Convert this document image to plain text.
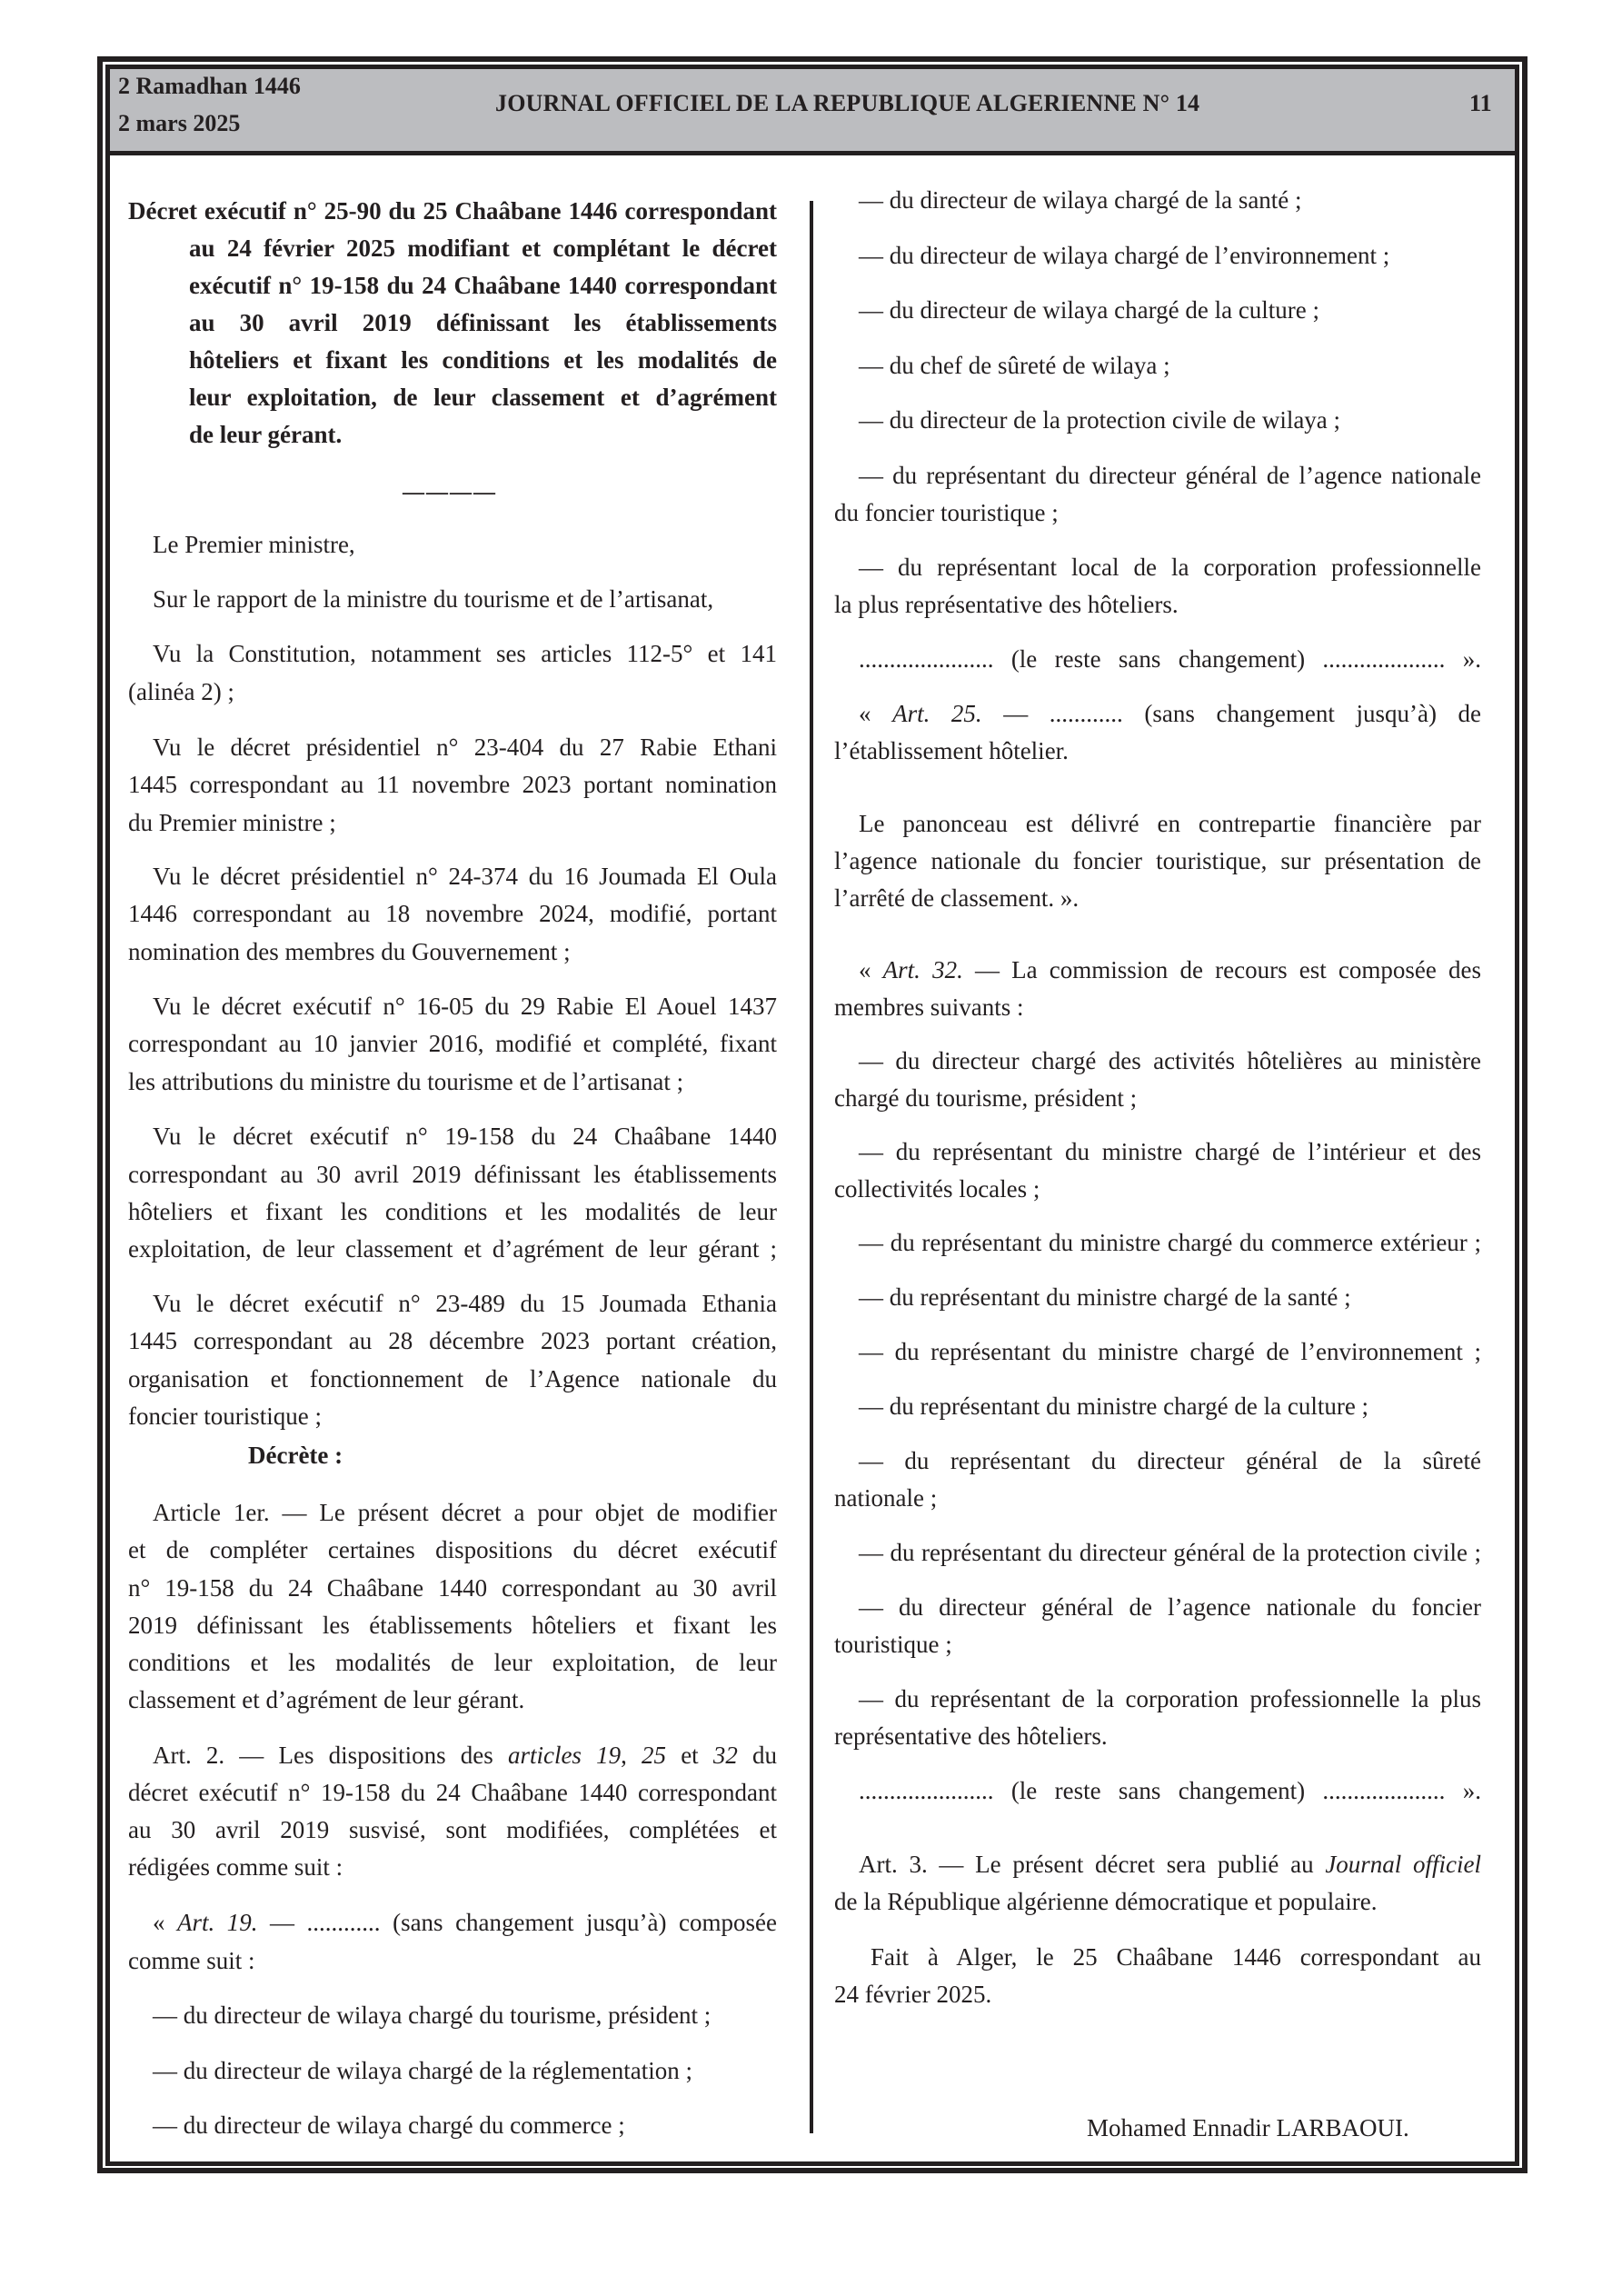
2 Ramadhan 1446
2 mars 2025
JOURNAL OFFICIEL DE LA REPUBLIQUE ALGERIENNE N° 14	11
Décret exécutif n° 25-90 du 25 Chaâbane 1446 correspondant
au 24 février 2025 modifiant et complétant le décret
exécutif n° 19-158 du 24 Chaâbane 1440 correspondant
au 30 avril 2019 définissant les établissements
hôteliers et fixant les conditions et les modalités de
leur exploitation, de leur classement et d’agrément
de leur gérant.
————
Le Premier ministre,
Sur le rapport de la ministre du tourisme et de l’artisanat,
Vu la Constitution, notamment ses articles 112-5° et 141
(alinéa 2) ;
Vu le décret présidentiel n° 23-404 du 27 Rabie Ethani
1445 correspondant au 11 novembre 2023 portant nomination
du Premier ministre ;
Vu le décret présidentiel n° 24-374 du 16 Joumada El Oula
1446 correspondant au 18 novembre 2024, modifié, portant
nomination des membres du Gouvernement ;
Vu le décret exécutif n° 16-05 du 29 Rabie El Aouel 1437
correspondant au 10 janvier 2016, modifié et complété, fixant
les attributions du ministre du tourisme et de l’artisanat ;
Vu le décret exécutif n° 19-158 du 24 Chaâbane 1440
correspondant au 30 avril 2019 définissant les établissements
hôteliers et fixant les conditions et les modalités de leur
exploitation, de leur classement et d’agrément de leur gérant ;
Vu le décret exécutif n° 23-489 du 15 Joumada Ethania
1445 correspondant au 28 décembre 2023 portant création,
organisation et fonctionnement de l’Agence nationale du
foncier touristique ;
Décrète :
Article 1er. — Le présent décret a pour objet de modifier
et de compléter certaines dispositions du décret exécutif
n° 19-158 du 24 Chaâbane 1440 correspondant au 30 avril
2019 définissant les établissements hôteliers et fixant les
conditions et les modalités de leur exploitation, de leur
classement et d’agrément de leur gérant.
Art. 2. — Les dispositions des articles 19, 25 et 32 du
décret exécutif n° 19-158 du 24 Chaâbane 1440 correspondant
au 30 avril 2019 susvisé, sont modifiées, complétées et
rédigées comme suit :
« Art. 19. — ............ (sans changement jusqu’à) composée
comme suit :
— du directeur de wilaya chargé du tourisme, président ;
— du directeur de wilaya chargé de la réglementation ;
— du directeur de wilaya chargé du commerce ;
— du directeur de wilaya chargé de la santé ;
— du directeur de wilaya chargé de l’environnement ;
— du directeur de wilaya chargé de la culture ;
— du chef de sûreté de wilaya ;
— du directeur de la protection civile de wilaya ;
— du représentant du directeur général de l’agence nationale
du foncier touristique ;
— du représentant local de la corporation professionnelle
la plus représentative des hôteliers.
...................... (le reste sans changement) .................... ».
« Art. 25. — ............ (sans changement jusqu’à) de
l’établissement hôtelier.
Le panonceau est délivré en contrepartie financière par
l’agence nationale du foncier touristique, sur présentation de
l’arrêté de classement. ».
« Art. 32. — La commission de recours est composée des
membres suivants :
— du directeur chargé des activités hôtelières au ministère
chargé du tourisme, président ;
— du représentant du ministre chargé de l’intérieur et des
collectivités locales ;
— du représentant du ministre chargé du commerce extérieur ;
— du représentant du ministre chargé de la santé ;
— du représentant du ministre chargé de l’environnement ;
— du représentant du ministre chargé de la culture ;
— du représentant du directeur général de la sûreté
nationale ;
— du représentant du directeur général de la protection civile ;
— du directeur général de l’agence nationale du foncier
touristique ;
— du représentant de la corporation professionnelle la plus
représentative des hôteliers.
...................... (le reste sans changement) .................... ».
Art. 3. — Le présent décret sera publié au Journal officiel
de la République algérienne démocratique et populaire.
Fait à Alger, le 25 Chaâbane 1446 correspondant au
24 février 2025.
Mohamed Ennadir LARBAOUI.
